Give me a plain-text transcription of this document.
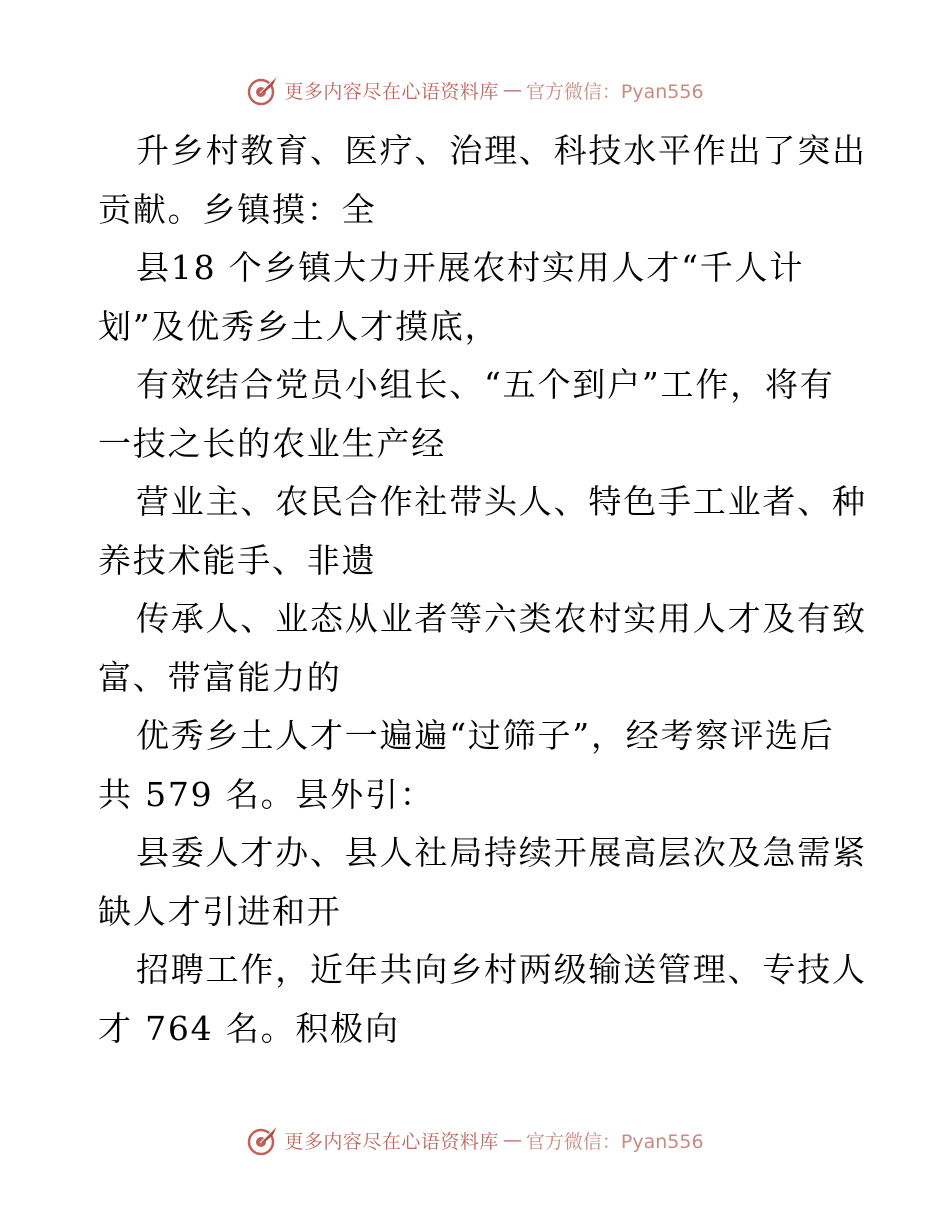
更多内容尽在心语资料库 — 官方微信：Pyan556
升乡村教育、医疗、治理、科技水平作出了突出
贡献。乡镇摸：全
县18 个乡镇大力开展农村实用人才“千人计
划”及优秀乡土人才摸底，
有效结合党员小组长、“五个到户”工作，将有
一技之长的农业生产经
营业主、农民合作社带头人、特色手工业者、种
养技术能手、非遗
传承人、业态从业者等六类农村实用人才及有致
富、带富能力的
优秀乡土人才一遍遍“过筛子”，经考察评选后
共 579 名。县外引：
县委人才办、县人社局持续开展高层次及急需紧
缺人才引进和开
招聘工作，近年共向乡村两级输送管理、专技人
才 764 名。积极向
更多内容尽在心语资料库 — 官方微信：Pyan556
